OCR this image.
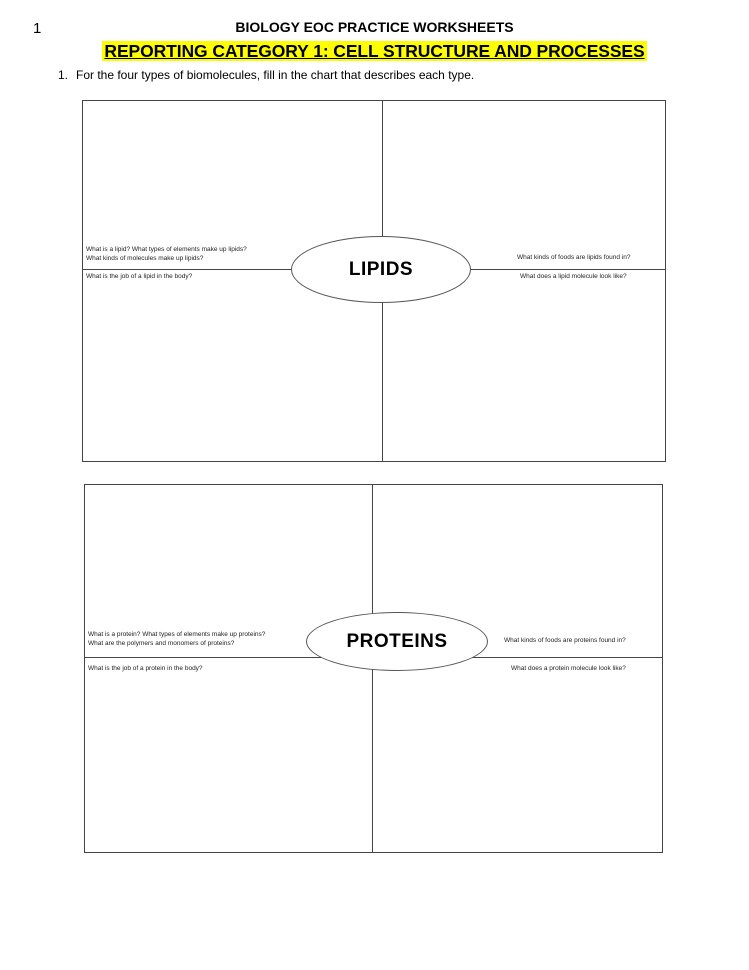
1	BIOLOGY EOC PRACTICE WORKSHEETS
REPORTING CATEGORY 1: CELL STRUCTURE AND PROCESSES
1. For the four types of biomolecules, fill in the chart that describes each type.
What is a lipid? What types of elements make up lipids?
What kinds of molecules make up lipids?
What is the job of a lipid in the body?
What kinds of foods are lipids found in?
What does a lipid molecule look like?
LIPIDS
What is a protein? What types of elements make up proteins?
What are the polymers and monomers of proteins?
What is the job of a protein in the body?
What kinds of foods are proteins found in?
What does a protein molecule look like?
PROTEINS
